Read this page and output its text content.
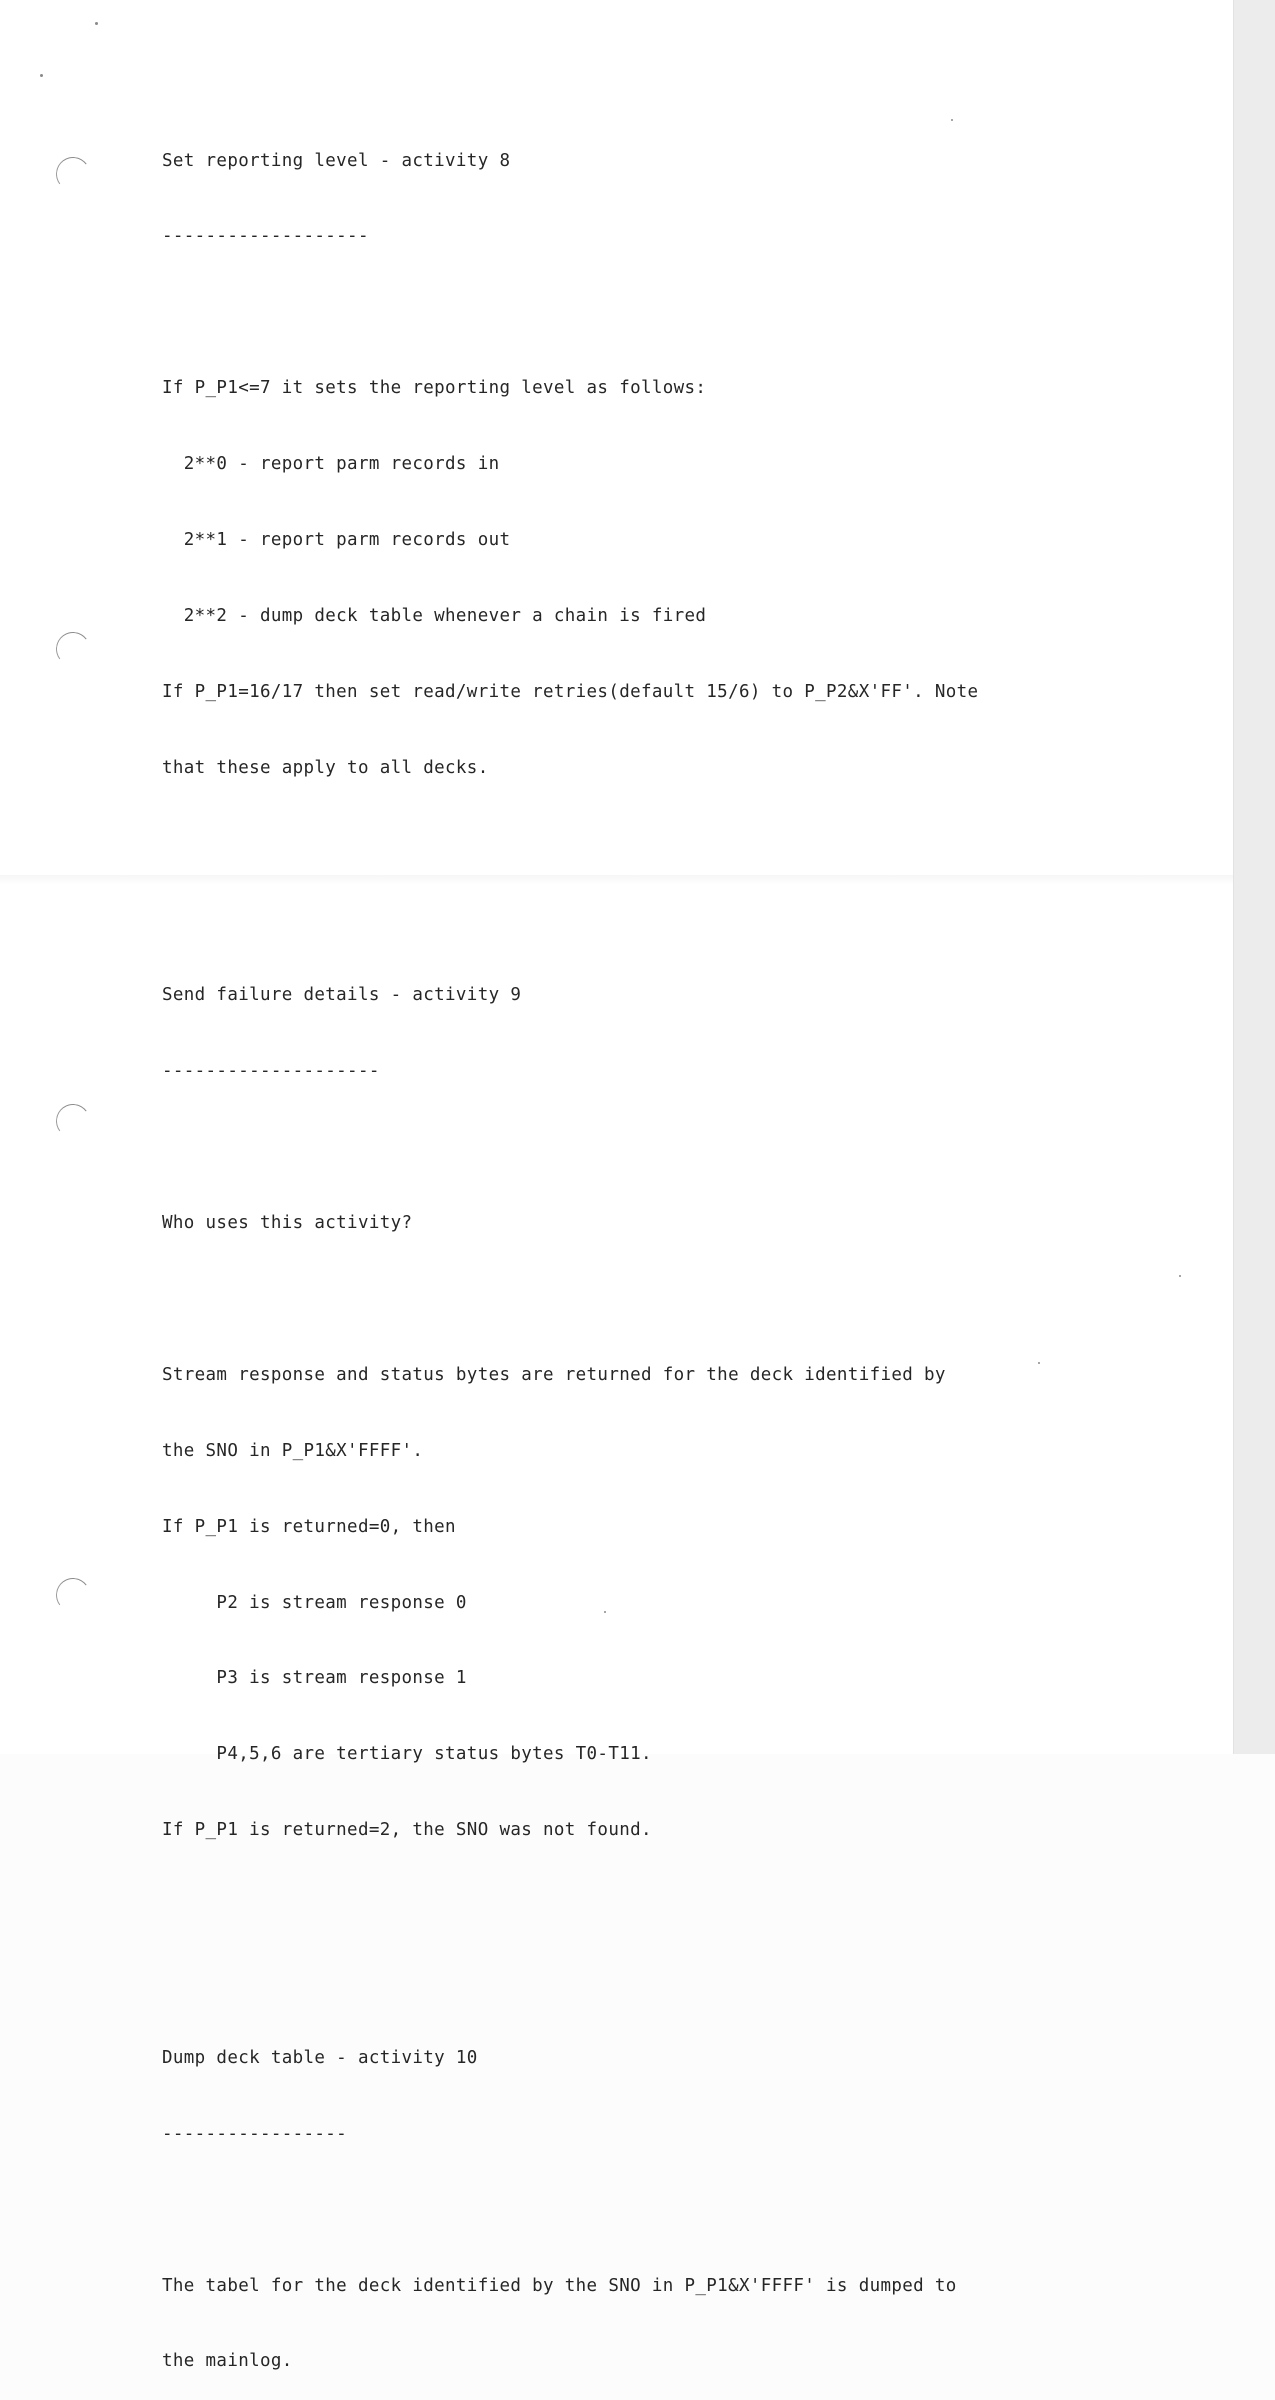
Set reporting level - activity 8

-------------------

If P_P1<=7 it sets the reporting level as follows:

2**0 - report parm records in

2**1 - report parm records out

2**2 - dump deck table whenever a chain is fired

If P_P1=16/17 then set read/write retries(default 15/6) to P_P2&X'FF'. Note

that these apply to all decks.

Send failure details - activity 9

--------------------

Who uses this activity?

Stream response and status bytes are returned for the deck identified by

the SNO in P_P1&X'FFFF'.

If P_P1 is returned=0, then

P2 is stream response 0

P3 is stream response 1

P4,5,6 are tertiary status bytes T0-T11.

If P_P1 is returned=2, the SNO was not found.

Dump deck table - activity 10

-----------------

The tabel for the deck identified by the SNO in P_P1&X'FFFF' is dumped to

the mainlog.
